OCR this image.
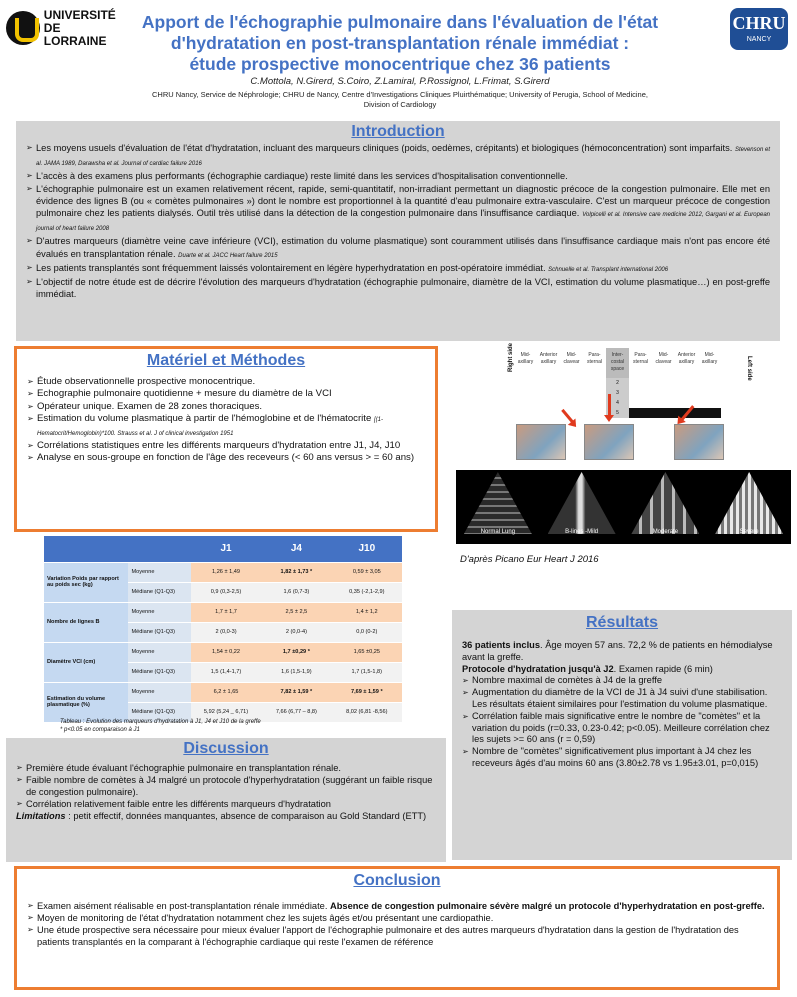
UNIVERSITÉ
DE LORRAINE
Apport de l'échographie pulmonaire dans l'évaluation de l'état
d'hydratation en post-transplantation rénale immédiat :
étude prospective monocentrique chez 36 patients
C.Mottola, N.Girerd, S.Coiro, Z.Lamiral, P.Rossignol, L.Frimat, S.Girerd
CHRU Nancy, Service de Néphrologie; CHRU de Nancy, Centre d'Investigations Cliniques Pluirthématique; University of Perugia, School of Medicine, Division of Cardiology
CHRU
NANCY
Introduction
➢ Les moyens usuels d'évaluation de l'état d'hydratation, incluant des marqueurs cliniques (poids, oedèmes, crépitants) et biologiques (hémoconcentration) sont imparfaits. Stevenson et al. JAMA 1989, Darawsha et al. Journal of cardiac failure 2016
➢ L'accès à des examens plus performants (échographie cardiaque) reste limité dans les services d'hospitalisation conventionnelle.
➢ L'échographie pulmonaire est un examen relativement récent, rapide, semi-quantitatif, non-irradiant permettant un diagnostic précoce de la congestion pulmonaire. Elle met en évidence des lignes B (ou « comètes pulmonaires ») dont le nombre est proportionnel à la quantité d'eau pulmonaire extra-vasculaire. C'est un marqueur précoce de congestion pulmonaire chez les patients dialysés. Outil très utilisé dans la détection de la congestion pulmonaire dans l'insuffisance cardiaque. Volpicelli et al. Intensive care medicine 2012, Gargani et al. European journal of heart failure 2008
➢ D'autres marqueurs (diamètre veine cave inférieure (VCI), estimation du volume plasmatique) sont couramment utilisés dans l'insuffisance cardiaque mais n'ont pas encore été évalués en transplantation rénale. Duarte et al. JACC Heart failure 2015
➢ Les patients transplantés sont fréquemment laissés volontairement en légère hyperhydratation en post-opératoire immédiat. Schnuelle et al. Transplant international 2006
➢ L'objectif de notre étude est de décrire l'évolution des marqueurs d'hydratation (échographie pulmonaire, diamètre de la VCI, estimation du volume plasmatique…) en post-greffe immédiat.
Matériel et Méthodes
➢ Étude observationnelle prospective monocentrique.
➢ Echographie pulmonaire quotidienne + mesure du diamètre de la VCI
➢ Opérateur unique. Examen de 28 zones thoraciques.
➢ Estimation du volume plasmatique à partir de l'hémoglobine et de l'hématocrite [(1-Hematocrit/Hemoglobin)*100. Strauss et al. J of clinical investigation 1951
➢ Corrélations statistiques entre les différents marqueurs d'hydratation entre J1, J4, J10
➢ Analyse en sous-groupe en fonction de l'âge des receveurs (< 60 ans versus > = 60 ans)
Right side	Mid-axillary
Anterior axillary
Mid-clavear
Para-sternal
Inter-costal space
Para-sternal
Mid-clavear
Anterior axillary
Mid-axillary
2
3
4
5
Left side
Normal Lung	B-lines -Mild	Moderate	Severe
D'après Picano Eur Heart J 2016
		J1	J4	J10
Variation Poids par rapport au poids sec (kg)	Moyenne	1,26 ± 1,49	1,82 ± 1,73 *	0,59 ± 3,05
	Médiane (Q1-Q3)	0,9 (0,3-2,5)	1,6 (0,7-3)	0,35 (-2,1-2,9)
Nombre de lignes B	Moyenne	1,7 ± 1,7	2,5 ± 2,5	1,4 ± 1,2
	Médiane (Q1-Q3)	2 (0,0-3)	2 (0,0-4)	0,0 (0-2)
Diamètre VCI (cm)	Moyenne	1,54 ± 0,22	1,7 ±0,29 *	1,65 ±0,25
	Médiane (Q1-Q3)	1,5 (1,4-1,7)	1,6 (1,5-1,9)	1,7 (1,5-1,8)
Estimation du volume plasmatique (%)	Moyenne	6,2 ± 1,65	7,82 ± 1,59 *	7,69 ± 1,59 *
	Médiane (Q1-Q3)	5,92 (5,24 _ 6,71)	7,66 (6,77 – 8,8)	8,02 (6,81 -8,56)
Tableau : Evolution des marqueurs d'hydratation à J1, J4 et J10 de la greffe
* p<0.05 en comparaison à J1
Résultats

36 patients inclus. Âge moyen 57 ans. 72,2 % de patients en hémodialyse avant la greffe.

Protocole d'hydratation jusqu'à J2. Examen rapide (6 min)

➢ Nombre maximal de comètes à J4 de la greffe
➢ Augmentation du diamètre de la VCI de J1 à J4 suivi d'une stabilisation. Les résultats étaient similaires pour l'estimation du volume plasmatique.
➢ Corrélation faible mais significative entre le nombre de "comètes" et la variation du poids (r=0.33, 0.23-0.42; p<0.05). Meilleure corrélation chez les sujets >= 60 ans (r = 0,59)
➢ Nombre de "comètes" significativement plus important à J4 chez les receveurs âgés d'au moins 60 ans (3.80±2.78 vs 1.95±3.01, p=0,015)
Discussion
➢ Première étude évaluant l'échographie pulmonaire en transplantation rénale.
➢ Faible nombre de comètes à J4 malgré un protocole d'hyperhydratation (suggérant un faible risque de congestion pulmonaire).
➢ Corrélation relativement faible entre les différents marqueurs d'hydratation
Limitations : petit effectif, données manquantes, absence de comparaison au Gold Standard (ETT)
Conclusion
➢ Examen aisément réalisable en post-transplantation rénale immédiate. Absence de congestion pulmonaire sévère malgré un protocole d'hyperhydratation en post-greffe.
➢ Moyen de monitoring de l'état d'hydratation notamment chez les sujets âgés et/ou présentant une cardiopathie.
➢ Une étude prospective sera nécessaire pour mieux évaluer l'apport de l'échographie pulmonaire et des autres marqueurs d'hydratation dans la gestion de l'hydratation des patients transplantés en la comparant à l'échographie cardiaque qui reste l'examen de référence
